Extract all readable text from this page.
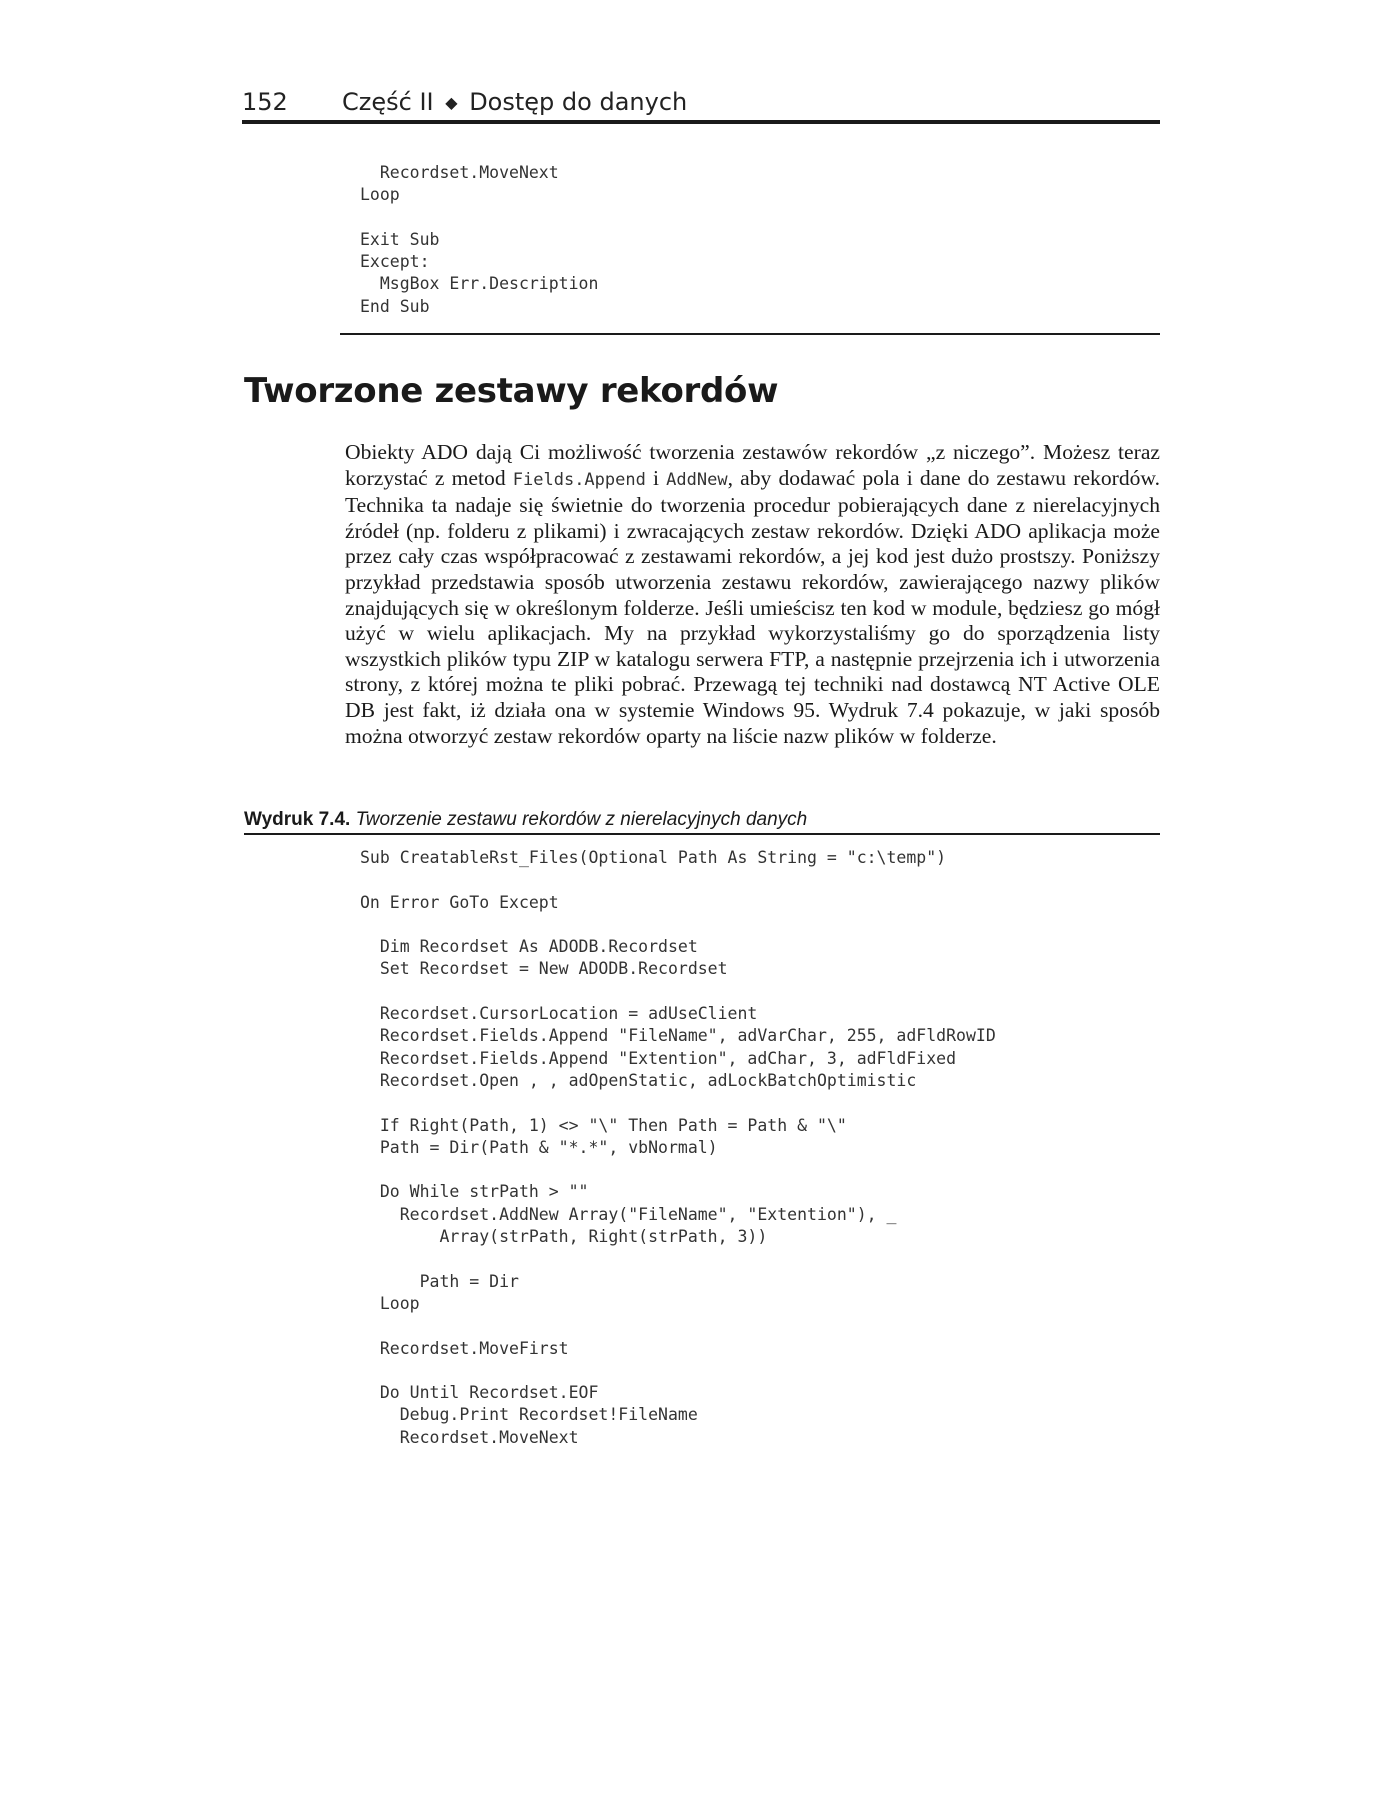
152 Część II ◆ Dostęp do danych
Recordset.MoveNext
Loop

Exit Sub
Except:
MsgBox Err.Description
End Sub
Tworzone zestawy rekordów

Obiekty ADO dają Ci możliwość tworzenia zestawów rekordów „z niczego”. Możesz teraz korzystać z metod Fields.Append i AddNew, aby dodawać pola i dane do zestawu rekordów. Technika ta nadaje się świetnie do tworzenia procedur pobierających dane z nierelacyjnych źródeł (np. folderu z plikami) i zwracających zestaw rekordów. Dzięki ADO aplikacja może przez cały czas współpracować z zestawami rekordów, a jej kod jest dużo prostszy. Poniższy przykład przedstawia sposób utworzenia zestawu rekordów, zawierającego nazwy plików znajdujących się w określonym folderze. Jeśli umieścisz ten kod w module, będziesz go mógł użyć w wielu aplikacjach. My na przykład wykorzystaliśmy go do sporządzenia listy wszystkich plików typu ZIP w katalogu serwera FTP, a następnie przejrzenia ich i utworzenia strony, z której można te pliki pobrać. Przewagą tej techniki nad dostawcą NT Active OLE DB jest fakt, iż działa ona w systemie Windows 95. Wydruk 7.4 pokazuje, w jaki sposób można otworzyć zestaw rekordów oparty na liście nazw plików w folderze.

Wydruk 7.4. Tworzenie zestawu rekordów z nierelacyjnych danych
Sub CreatableRst_Files(Optional Path As String = "c:\temp")

On Error GoTo Except

Dim Recordset As ADODB.Recordset
Set Recordset = New ADODB.Recordset

Recordset.CursorLocation = adUseClient
Recordset.Fields.Append "FileName", adVarChar, 255, adFldRowID
Recordset.Fields.Append "Extention", adChar, 3, adFldFixed
Recordset.Open , , adOpenStatic, adLockBatchOptimistic

If Right(Path, 1) <> "\" Then Path = Path & "\"
Path = Dir(Path & "*.*", vbNormal)

Do While strPath > ""
Recordset.AddNew Array("FileName", "Extention"), _
Array(strPath, Right(strPath, 3))

Path = Dir
Loop

Recordset.MoveFirst

Do Until Recordset.EOF
Debug.Print Recordset!FileName
Recordset.MoveNext
